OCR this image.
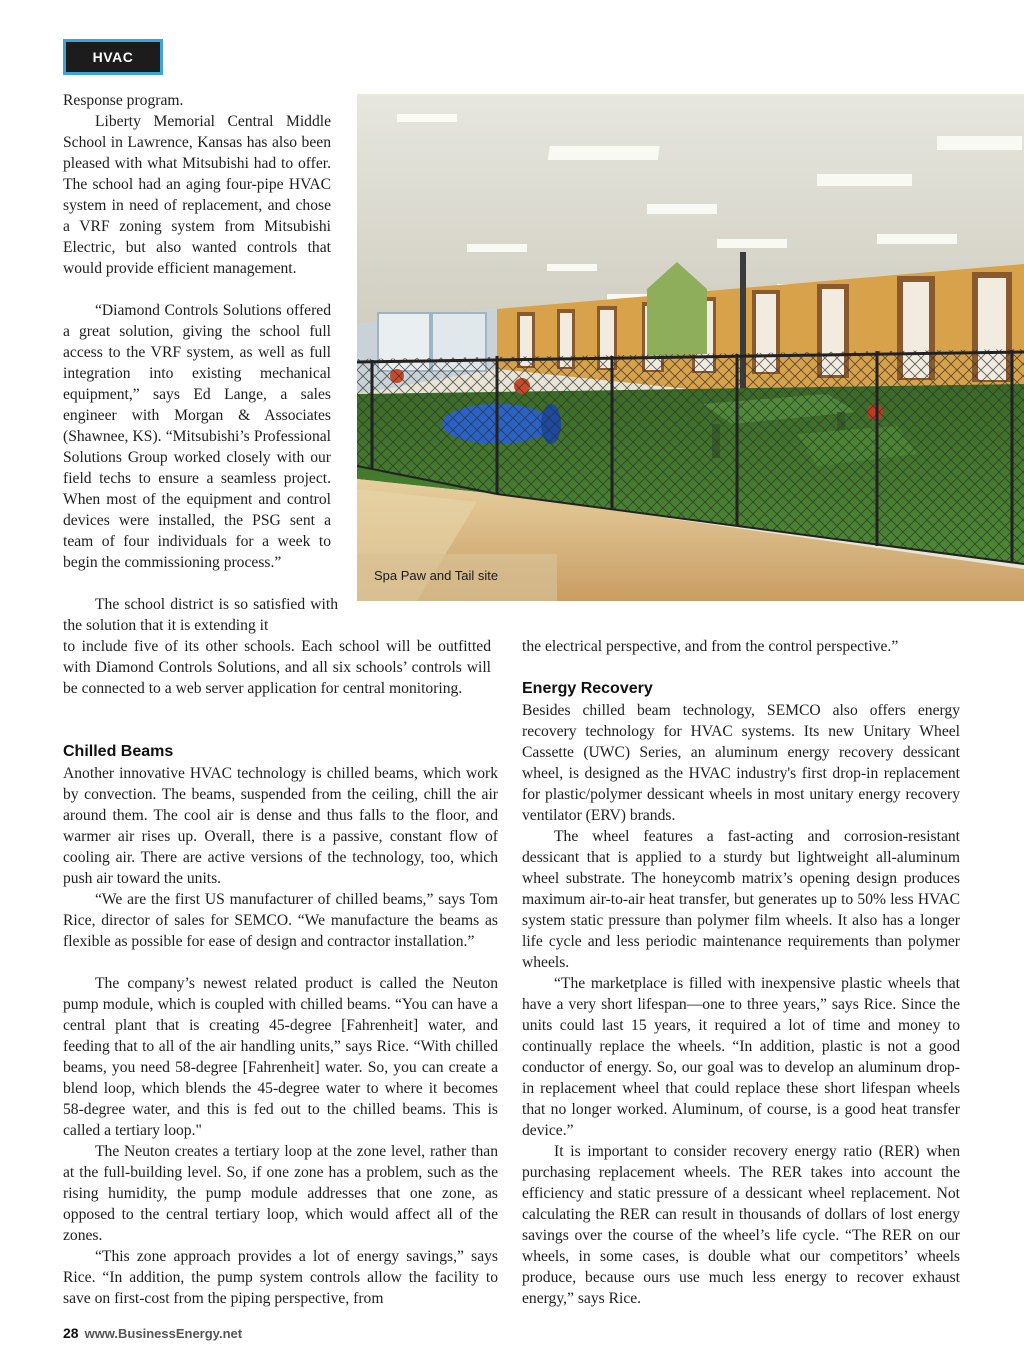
HVAC

Spa Paw and Tail site

Response program.

Liberty Memorial Central Middle School in Lawrence, Kansas has also been pleased with what Mitsubishi had to offer. The school had an aging four-pipe HVAC system in need of replacement, and chose a VRF zoning system from Mitsubishi Electric, but also wanted controls that would provide efficient management.

“Diamond Controls Solutions offered a great solution, giving the school full access to the VRF system, as well as full integration into existing mechanical equipment,” says Ed Lange, a sales engineer with Morgan & Associates (Shawnee, KS). “Mitsubishi’s Professional Solutions Group worked closely with our field techs to ensure a seamless project. When most of the equipment and control devices were installed, the PSG sent a team of four individuals for a week to begin the commissioning process.”

The school district is so satisfied with the solution that it is extending it

to include five of its other schools. Each school will be outfitted with Diamond Controls Solutions, and all six schools’ controls will be connected to a web server application for central monitoring.

Chilled Beams

Another innovative HVAC technology is chilled beams, which work by convection. The beams, suspended from the ceiling, chill the air around them. The cool air is dense and thus falls to the floor, and warmer air rises up. Overall, there is a passive, constant flow of cooling air. There are active versions of the technology, too, which push air toward the units.

“We are the first US manufacturer of chilled beams,” says Tom Rice, director of sales for SEMCO. “We manufacture the beams as flexible as possible for ease of design and contractor installation.”

The company’s newest related product is called the Neuton pump module, which is coupled with chilled beams. “You can have a central plant that is creating 45-degree [Fahrenheit] water, and feeding that to all of the air handling units,” says Rice. “With chilled beams, you need 58-degree [Fahrenheit] water. So, you can create a blend loop, which blends the 45-degree water to where it becomes 58-degree water, and this is fed out to the chilled beams. This is called a tertiary loop."

The Neuton creates a tertiary loop at the zone level, rather than at the full-building level. So, if one zone has a problem, such as the rising humidity, the pump module addresses that one zone, as opposed to the central tertiary loop, which would affect all of the zones.

“This zone approach provides a lot of energy savings,” says Rice. “In addition, the pump system controls allow the facility to save on first-cost from the piping perspective, from

the electrical perspective, and from the control perspective.”

Energy Recovery

Besides chilled beam technology, SEMCO also offers energy recovery technology for HVAC systems. Its new Unitary Wheel Cassette (UWC) Series, an aluminum energy recovery dessicant wheel, is designed as the HVAC industry's first drop-in replacement for plastic/polymer dessicant wheels in most unitary energy recovery ventilator (ERV) brands.

The wheel features a fast-acting and corrosion-resistant dessicant that is applied to a sturdy but lightweight all-aluminum wheel substrate. The honeycomb matrix’s opening design produces maximum air-to-air heat transfer, but generates up to 50% less HVAC system static pressure than polymer film wheels. It also has a longer life cycle and less periodic maintenance requirements than polymer wheels.

“The marketplace is filled with inexpensive plastic wheels that have a very short lifespan—one to three years,” says Rice. Since the units could last 15 years, it required a lot of time and money to continually replace the wheels. “In addition, plastic is not a good conductor of energy. So, our goal was to develop an aluminum drop-in replacement wheel that could replace these short lifespan wheels that no longer worked. Aluminum, of course, is a good heat transfer device.”

It is important to consider recovery energy ratio (RER) when purchasing replacement wheels. The RER takes into account the efficiency and static pressure of a dessicant wheel replacement. Not calculating the RER can result in thousands of dollars of lost energy savings over the course of the wheel’s life cycle. “The RER on our wheels, in some cases, is double what our competitors’ wheels produce, because ours use much less energy to recover exhaust energy,” says Rice.

28 www.BusinessEnergy.net
